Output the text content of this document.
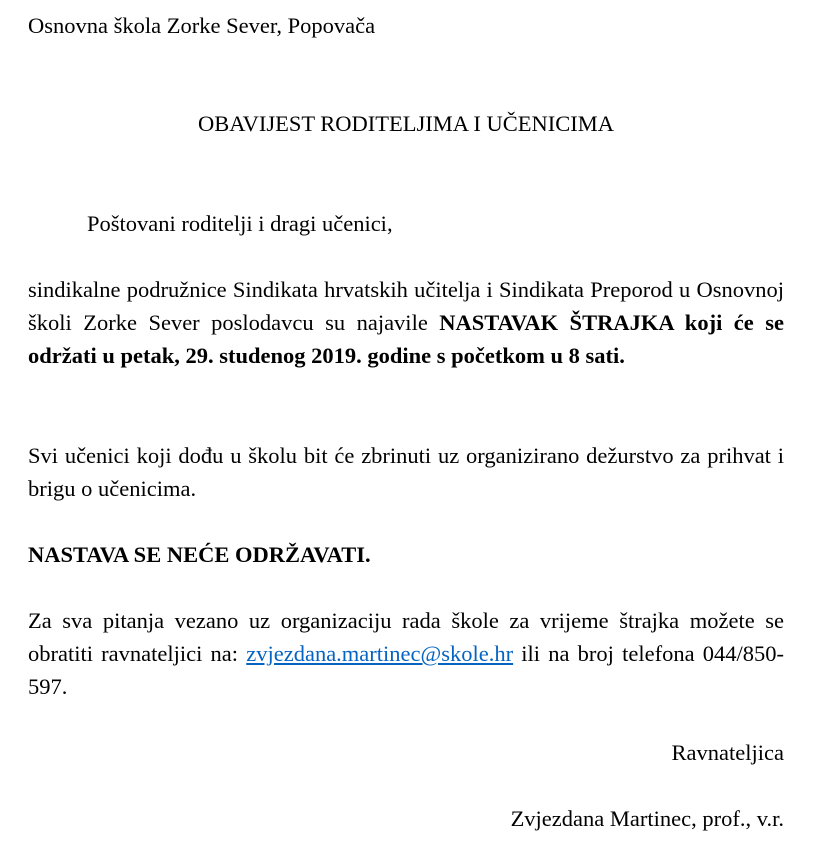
Osnovna škola Zorke Sever, Popovača
OBAVIJEST RODITELJIMA I UČENICIMA
Poštovani roditelji i dragi učenici,
sindikalne podružnice Sindikata hrvatskih učitelja i Sindikata Preporod u Osnovnoj školi Zorke Sever poslodavcu su najavile NASTAVAK ŠTRAJKA koji će se održati u petak, 29. studenog 2019. godine s početkom u 8 sati.
Svi učenici koji dođu u školu bit će zbrinuti uz organizirano dežurstvo za prihvat i brigu o učenicima.
NASTAVA SE NEĆE ODRŽAVATI.
Za sva pitanja vezano uz organizaciju rada škole za vrijeme štrajka možete se obratiti ravnateljici na: zvjezdana.martinec@skole.hr ili na broj telefona 044/850-597.
Ravnateljica
Zvjezdana Martinec, prof., v.r.
